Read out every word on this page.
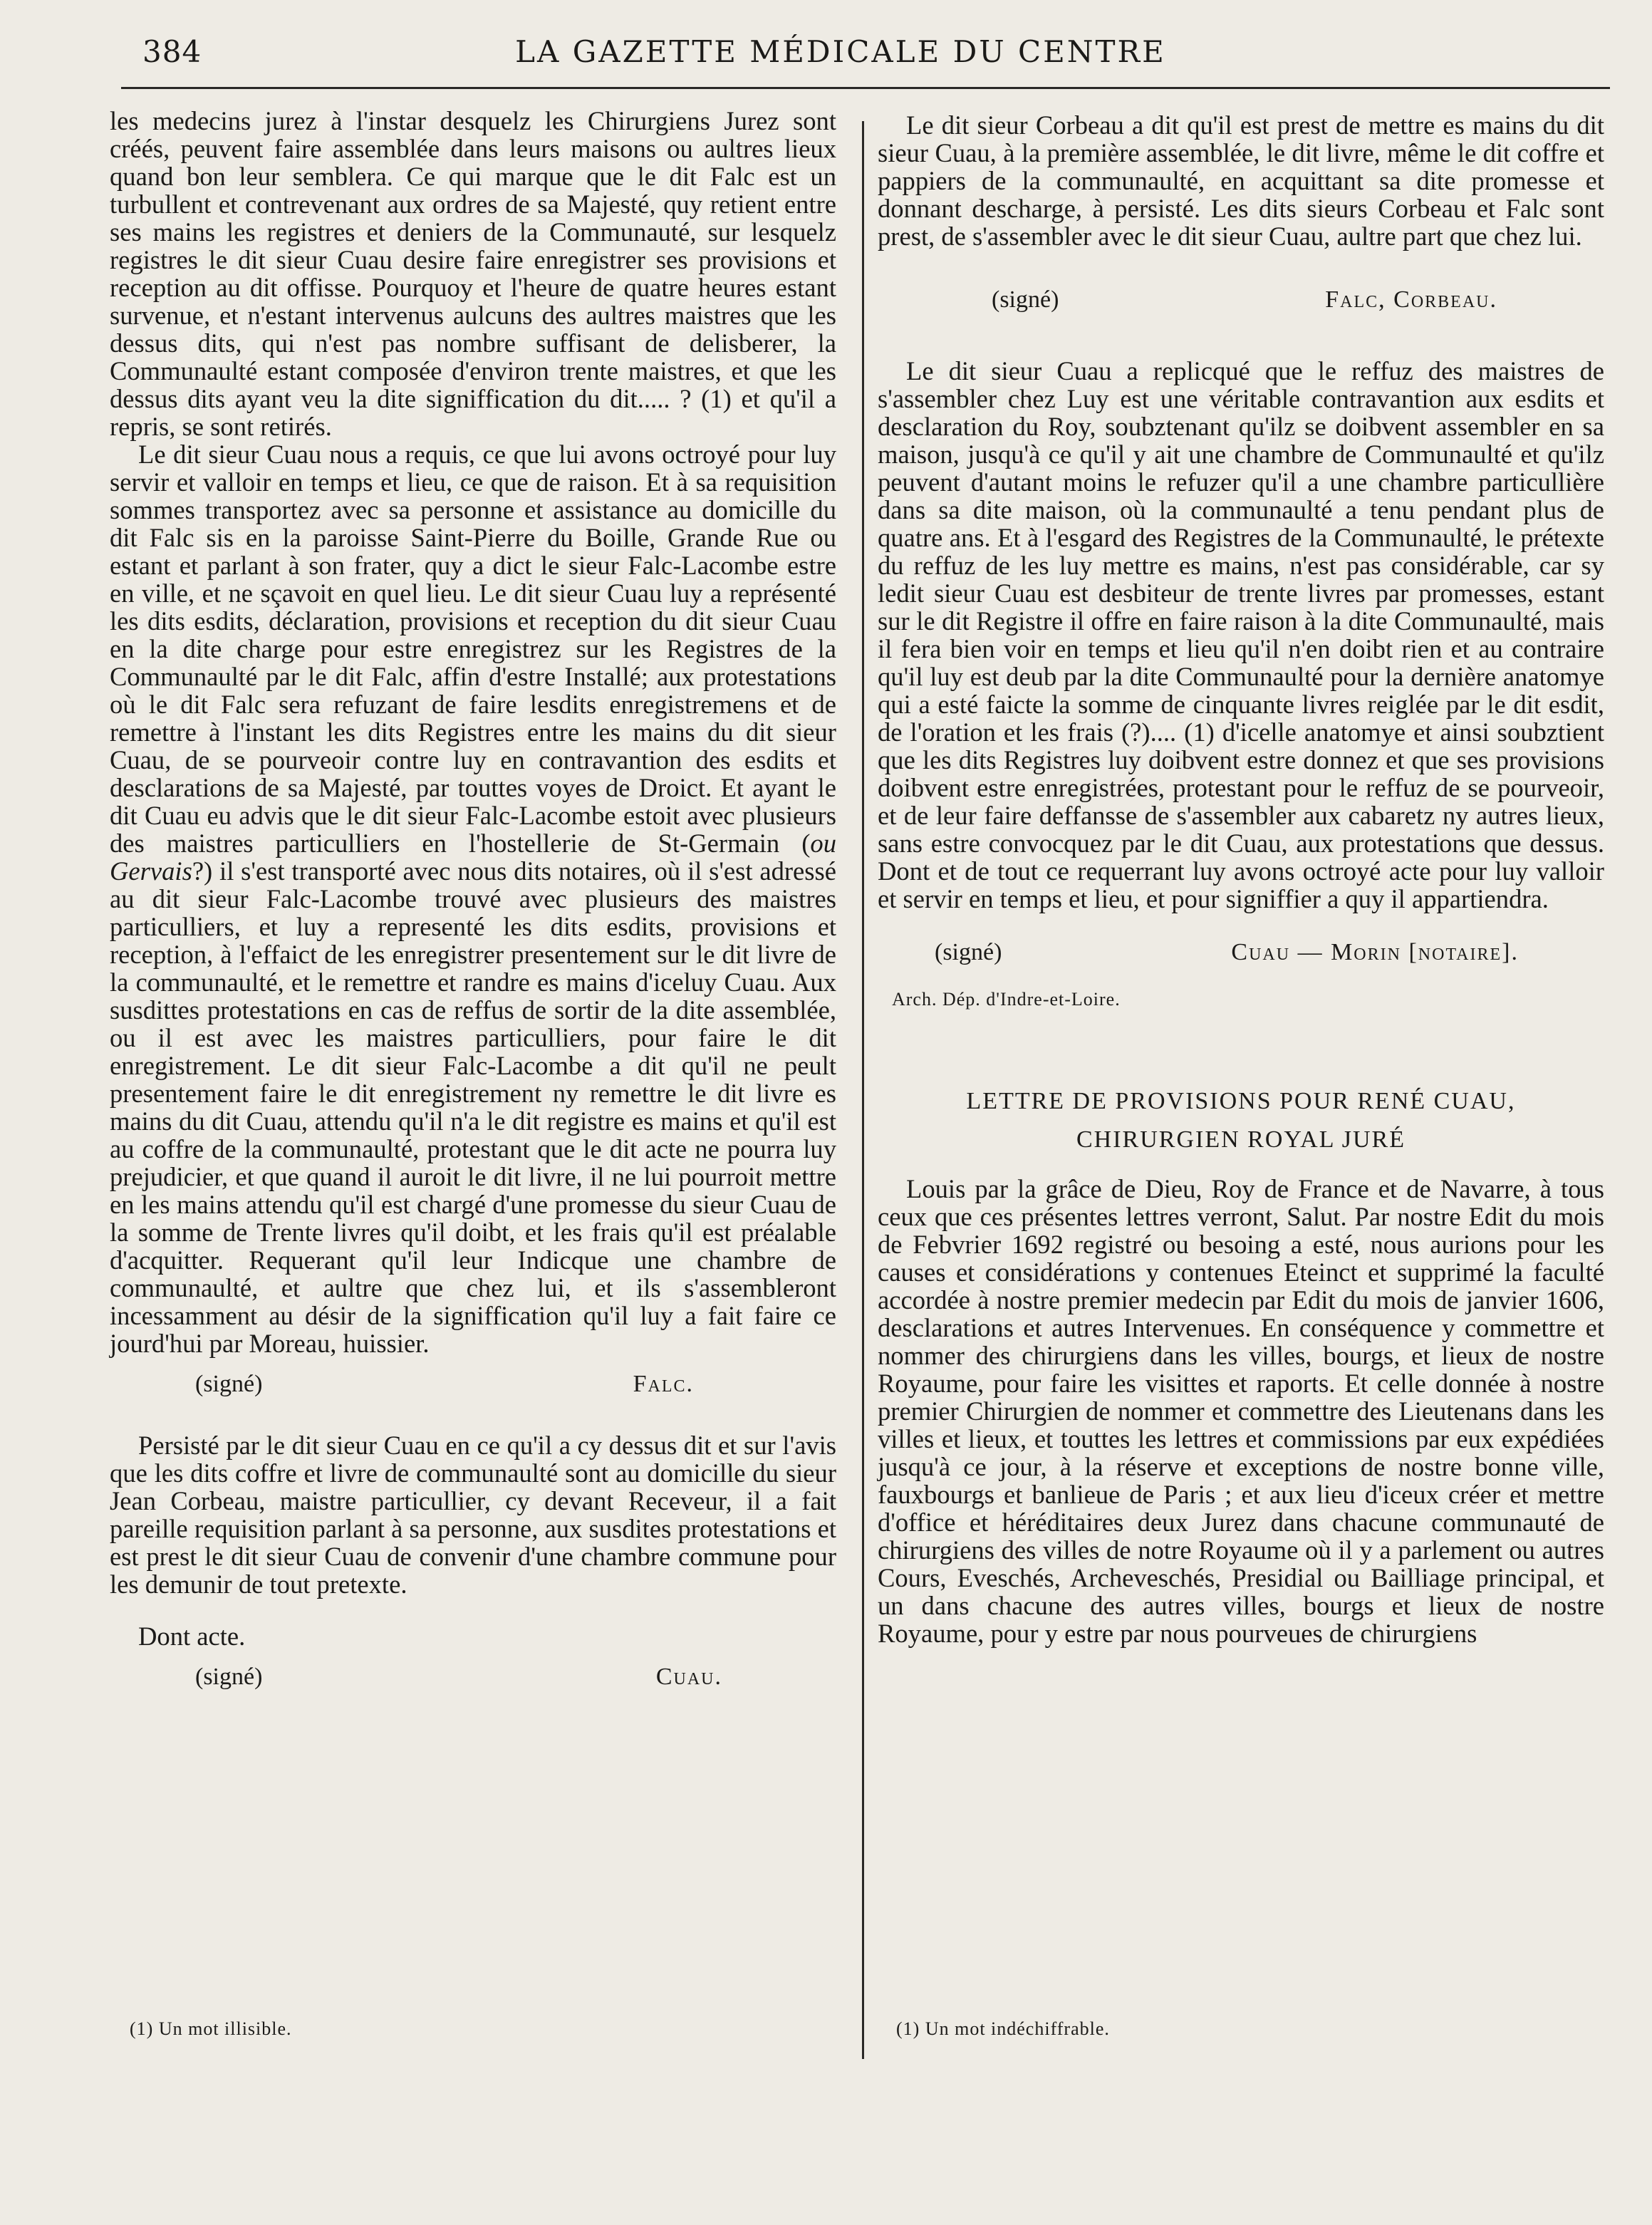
384	LA GAZETTE MÉDICALE DU CENTRE

les medecins jurez à l'instar desquelz les Chirurgiens Jurez sont créés, peuvent faire assemblée dans leurs maisons ou aultres lieux quand bon leur semblera. Ce qui marque que le dit Falc est un turbullent et contrevenant aux ordres de sa Majesté, quy retient entre ses mains les registres et deniers de la Communauté, sur lesquelz registres le dit sieur Cuau desire faire enregistrer ses provisions et reception au dit offisse. Pourquoy et l'heure de quatre heures estant survenue, et n'estant intervenus aulcuns des aultres maistres que les dessus dits, qui n'est pas nombre suffisant de delisberer, la Communaulté estant composée d'environ trente maistres, et que les dessus dits ayant veu la dite signiffication du dit..... ? (1) et qu'il a repris, se sont retirés.

Le dit sieur Cuau nous a requis, ce que lui avons octroyé pour luy servir et valloir en temps et lieu, ce que de raison. Et à sa requisition sommes transportez avec sa personne et assistance au domicille du dit Falc sis en la paroisse Saint-Pierre du Boille, Grande Rue ou estant et parlant à son frater, quy a dict le sieur Falc-Lacombe estre en ville, et ne sçavoit en quel lieu. Le dit sieur Cuau luy a représenté les dits esdits, déclaration, provisions et reception du dit sieur Cuau en la dite charge pour estre enregistrez sur les Registres de la Communaulté par le dit Falc, affin d'estre Installé; aux protestations où le dit Falc sera refuzant de faire lesdits enregistremens et de remettre à l'instant les dits Registres entre les mains du dit sieur Cuau, de se pourveoir contre luy en contravantion des esdits et desclarations de sa Majesté, par touttes voyes de Droict. Et ayant le dit Cuau eu advis que le dit sieur Falc-Lacombe estoit avec plusieurs des maistres particulliers en l'hostellerie de St-Germain (ou Gervais?) il s'est transporté avec nous dits notaires, où il s'est adressé au dit sieur Falc-Lacombe trouvé avec plusieurs des maistres particulliers, et luy a representé les dits esdits, provisions et reception, à l'effaict de les enregistrer presentement sur le dit livre de la communaulté, et le remettre et randre es mains d'iceluy Cuau. Aux susdittes protestations en cas de reffus de sortir de la dite assemblée, ou il est avec les maistres particulliers, pour faire le dit enregistrement. Le dit sieur Falc-Lacombe a dit qu'il ne peult presentement faire le dit enregistrement ny remettre le dit livre es mains du dit Cuau, attendu qu'il n'a le dit registre es mains et qu'il est au coffre de la communaulté, protestant que le dit acte ne pourra luy prejudicier, et que quand il auroit le dit livre, il ne lui pourroit mettre en les mains attendu qu'il est chargé d'une promesse du sieur Cuau de la somme de Trente livres qu'il doibt, et les frais qu'il est préalable d'acquitter. Requerant qu'il leur Indicque une chambre de communaulté, et aultre que chez lui, et ils s'assembleront incessamment au désir de la signiffication qu'il luy a fait faire ce jourd'hui par Moreau, huissier.

(signé)	Falc.

Persisté par le dit sieur Cuau en ce qu'il a cy dessus dit et sur l'avis que les dits coffre et livre de communaulté sont au domicille du sieur Jean Corbeau, maistre particullier, cy devant Receveur, il a fait pareille requisition parlant à sa personne, aux susdites protestations et est prest le dit sieur Cuau de convenir d'une chambre commune pour les demunir de tout pretexte.

Dont acte.

(signé)	Cuau.

Le dit sieur Corbeau a dit qu'il est prest de mettre es mains du dit sieur Cuau, à la première assemblée, le dit livre, même le dit coffre et pappiers de la communaulté, en acquittant sa dite promesse et donnant descharge, à persisté. Les dits sieurs Corbeau et Falc sont prest, de s'assembler avec le dit sieur Cuau, aultre part que chez lui.

(signé)	Falc, Corbeau.

Le dit sieur Cuau a replicqué que le reffuz des maistres de s'assembler chez Luy est une véritable contravantion aux esdits et desclaration du Roy, soubztenant qu'ilz se doibvent assembler en sa maison, jusqu'à ce qu'il y ait une chambre de Communaulté et qu'ilz peuvent d'autant moins le refuzer qu'il a une chambre particullière dans sa dite maison, où la communaulté a tenu pendant plus de quatre ans. Et à l'esgard des Registres de la Communaulté, le prétexte du reffuz de les luy mettre es mains, n'est pas considérable, car sy ledit sieur Cuau est desbiteur de trente livres par promesses, estant sur le dit Registre il offre en faire raison à la dite Communaulté, mais il fera bien voir en temps et lieu qu'il n'en doibt rien et au contraire qu'il luy est deub par la dite Communaulté pour la dernière anatomye qui a esté faicte la somme de cinquante livres reiglée par le dit esdit, de l'oration et les frais (?).... (1) d'icelle anatomye et ainsi soubztient que les dits Registres luy doibvent estre donnez et que ses provisions doibvent estre enregistrées, protestant pour le reffuz de se pourveoir, et de leur faire deffansse de s'assembler aux cabaretz ny autres lieux, sans estre convocquez par le dit Cuau, aux protestations que dessus. Dont et de tout ce requerrant luy avons octroyé acte pour luy valloir et servir en temps et lieu, et pour signiffier a quy il appartiendra.

(signé)	Cuau — Morin [notaire].
Arch. Dép. d'Indre-et-Loire.
LETTRE DE PROVISIONS POUR RENÉ CUAU,
CHIRURGIEN ROYAL JURÉ

Louis par la grâce de Dieu, Roy de France et de Navarre, à tous ceux que ces présentes lettres verront, Salut. Par nostre Edit du mois de Febvrier 1692 registré ou besoing a esté, nous aurions pour les causes et considérations y contenues Eteinct et supprimé la faculté accordée à nostre premier medecin par Edit du mois de janvier 1606, desclarations et autres Intervenues. En conséquence y commettre et nommer des chirurgiens dans les villes, bourgs, et lieux de nostre Royaume, pour faire les visittes et raports. Et celle donnée à nostre premier Chirurgien de nommer et commettre des Lieutenans dans les villes et lieux, et touttes les lettres et commissions par eux expédiées jusqu'à ce jour, à la réserve et exceptions de nostre bonne ville, fauxbourgs et banlieue de Paris ; et aux lieu d'iceux créer et mettre d'office et héréditaires deux Jurez dans chacune communauté de chirurgiens des villes de notre Royaume où il y a parlement ou autres Cours, Eveschés, Archeveschés, Presidial ou Bailliage principal, et un dans chacune des autres villes, bourgs et lieux de nostre Royaume, pour y estre par nous pourveues de chirurgiens

(1) Un mot illisible.	(1) Un mot indéchiffrable.
